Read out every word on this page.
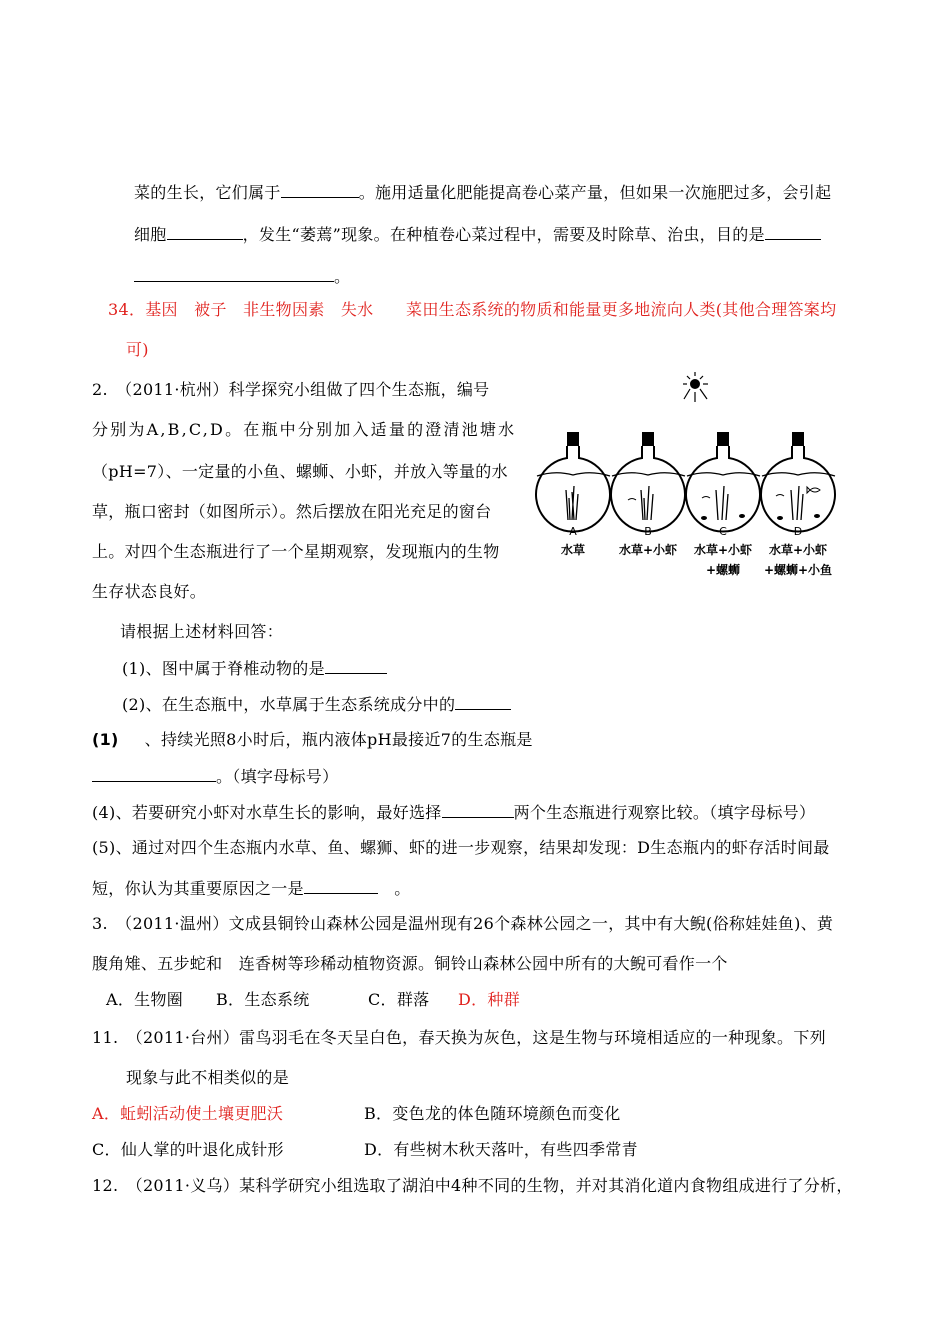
菜的生长，它们属于	。施用适量化肥能提高卷心菜产量，但如果一次施肥过多，会引起
细胞	，发生“萎蔫”现象。在种植卷心菜过程中，需要及时除草、治虫，目的是
。
34．基因　被子　非生物因素　失水　　菜田生态系统的物质和能量更多地流向人类(其他合理答案均
可)
2.　（2011·杭州）科学探究小组做了四个生态瓶，编号
分别为A,B,C,D。在瓶中分别加入适量的澄清池塘水
（pH=7）、一定量的小鱼、螺蛳、小虾，并放入等量的水
草，瓶口密封（如图所示）。然后摆放在阳光充足的窗台
上。对四个生态瓶进行了一个星期观察，发现瓶内的生物
生存状态良好。
A	B	C	D
水草	水草+小虾 水草+小虾 水草+小虾
+螺蛳 +螺蛳+小鱼
请根据上述材料回答：
(1)、图中属于脊椎动物的是
(2)、在生态瓶中，水草属于生态系统成分中的
(1) 、持续光照8小时后，瓶内液体pH最接近7的生态瓶是
。（填字母标号）
(4)、若要研究小虾对水草生长的影响，最好选择	两个生态瓶进行观察比较。（填字母标号）
(5)、通过对四个生态瓶内水草、鱼、螺狮、虾的进一步观察，结果却发现：D生态瓶内的虾存活时间最
短，你认为其重要原因之一是	　。
3.　（2011·温州）文成县铜铃山森林公园是温州现有26个森林公园之一，其中有大鲵(俗称娃娃鱼)、黄
腹角雉、五步蛇和　连香树等珍稀动植物资源。铜铃山森林公园中所有的大鲵可看作一个
A．生物圈 B．生态系统	C．群落 D．种群
11.　（2011·台州）雷鸟羽毛在冬天呈白色，春天换为灰色，这是生物与环境相适应的一种现象。下列
现象与此不相类似的是
A．蚯蚓活动使土壤更肥沃	B．变色龙的体色随环境颜色而变化
C．仙人掌的叶退化成针形	D．有些树木秋天落叶，有些四季常青
12.　（2011·义乌）某科学研究小组选取了湖泊中4种不同的生物，并对其消化道内食物组成进行了分析，
